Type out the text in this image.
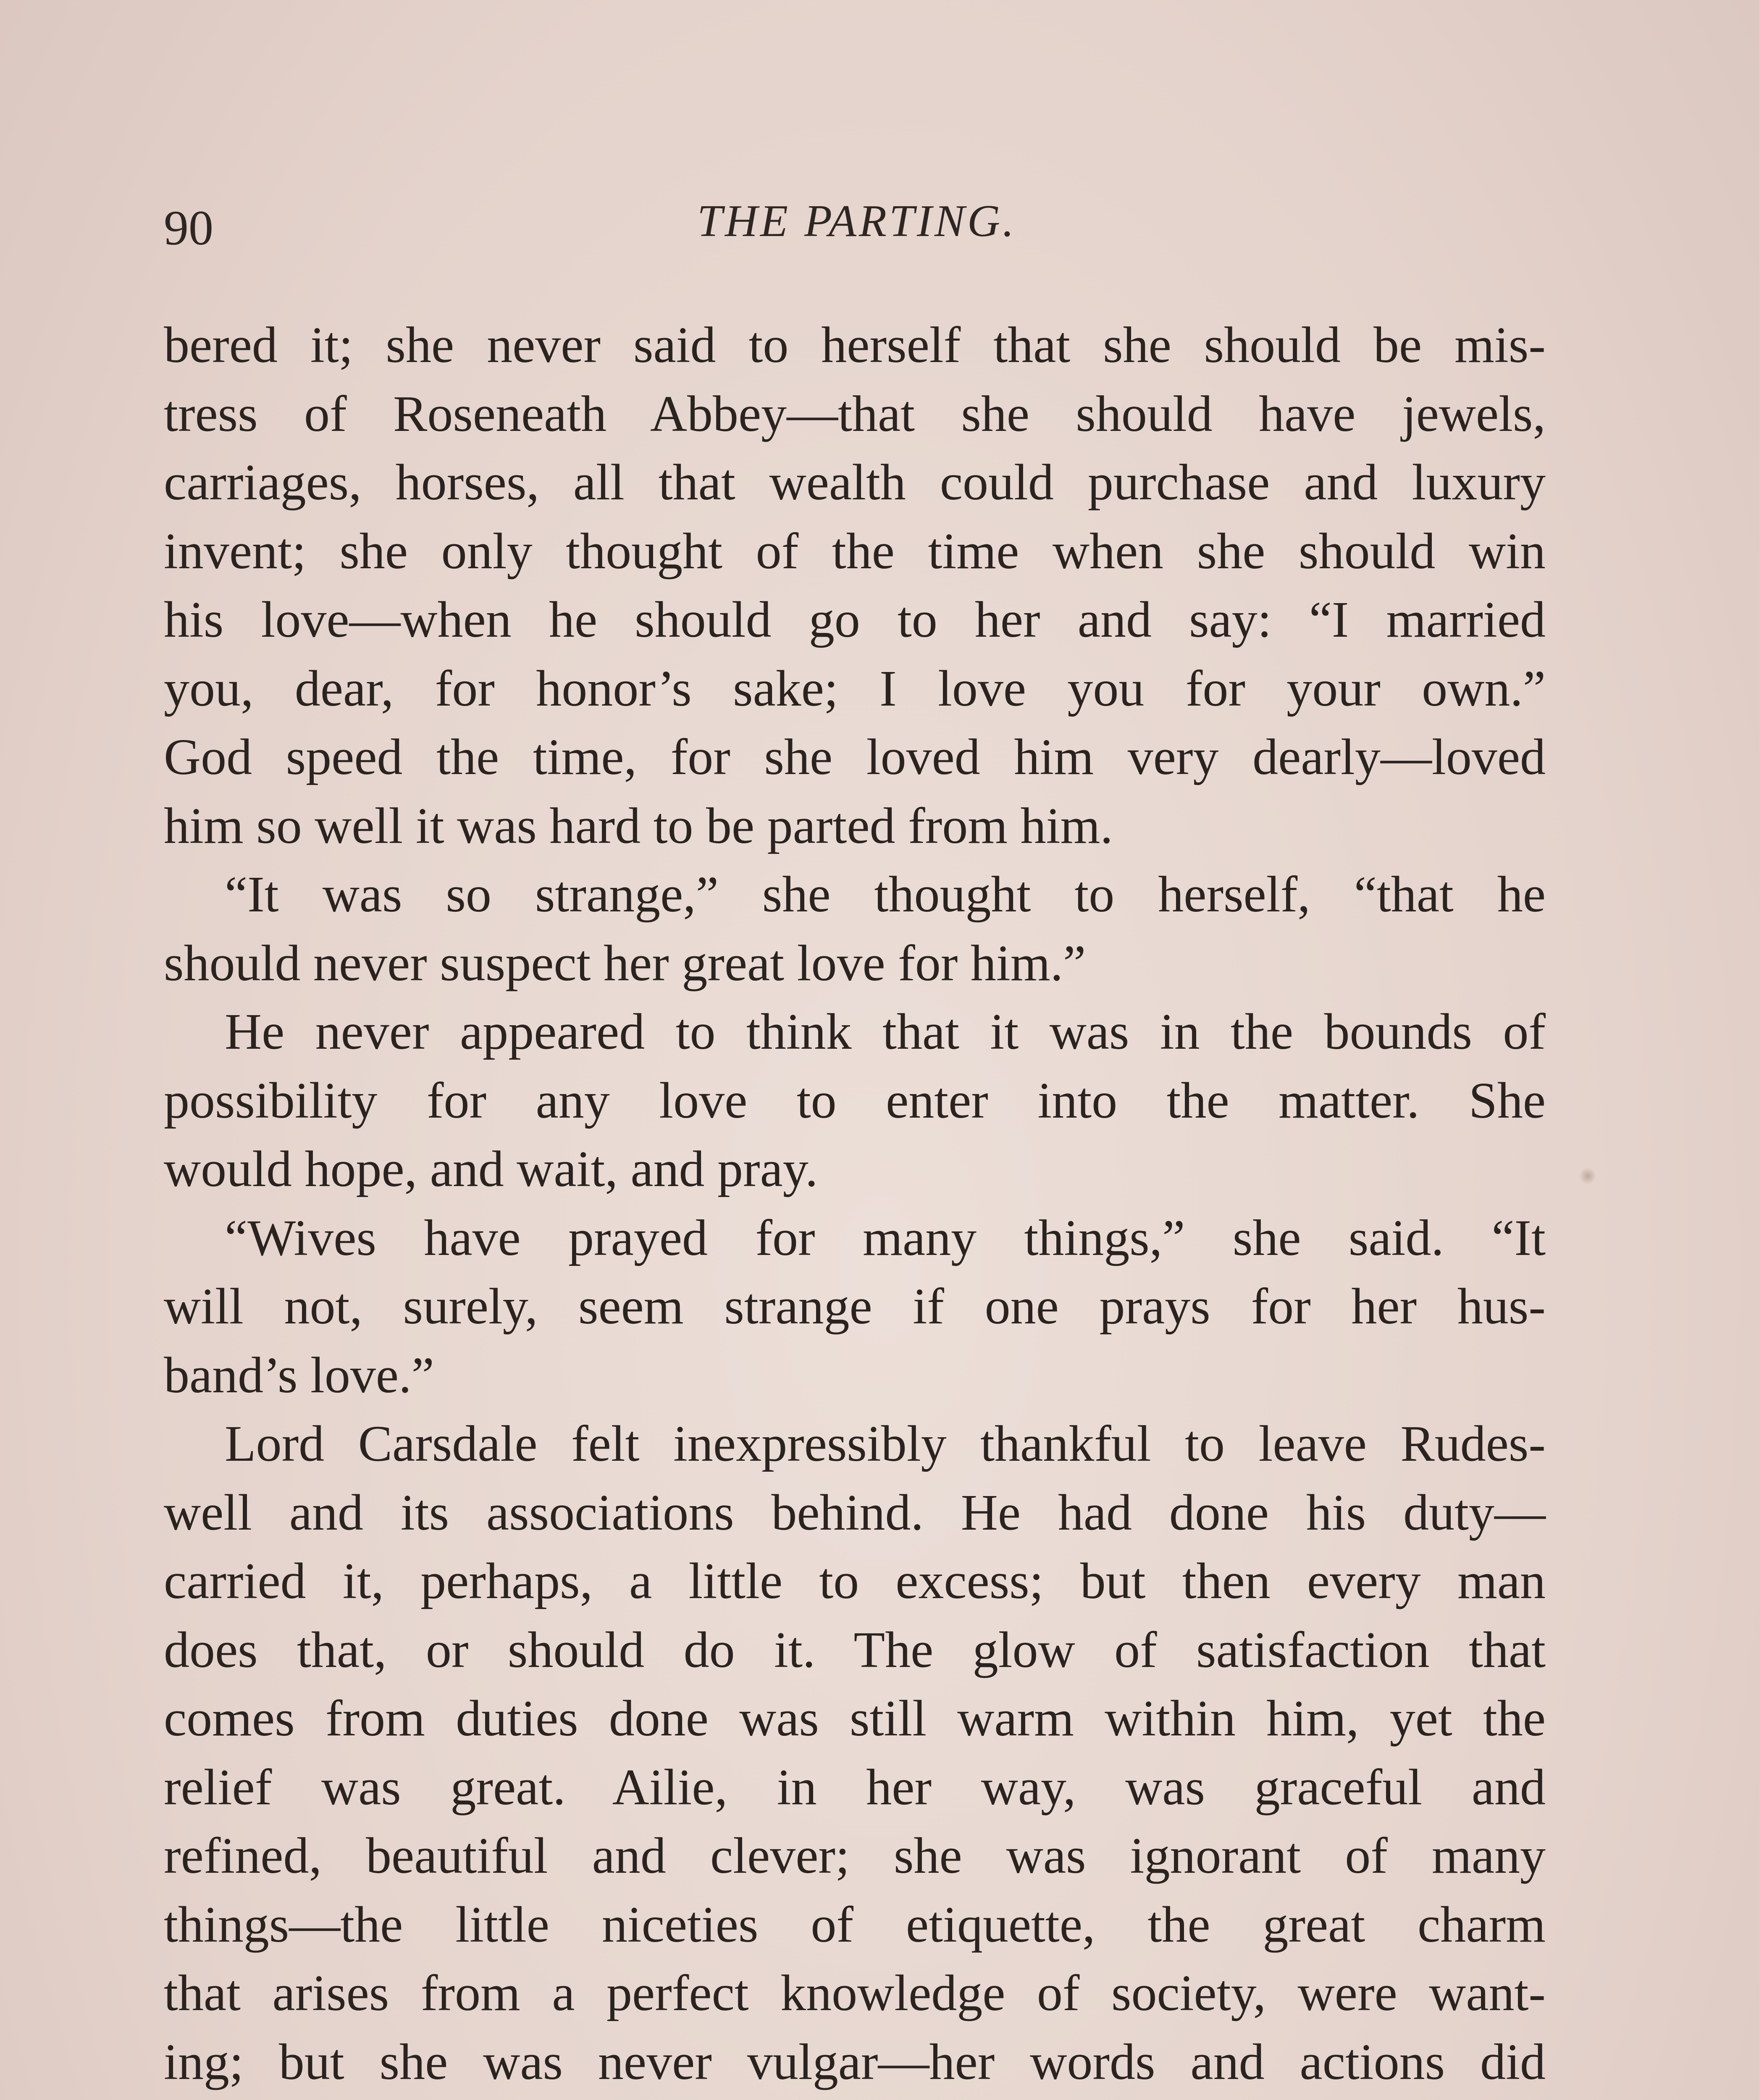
90	THE PARTING.
bered it; she never said to herself that she should be mis-
tress of Roseneath Abbey—that she should have jewels,
carriages, horses, all that wealth could purchase and luxury
invent; she only thought of the time when she should win
his love—when he should go to her and say: “I married
you, dear, for honor’s sake; I love you for your own.”
God speed the time, for she loved him very dearly—loved
him so well it was hard to be parted from him.
“It was so strange,” she thought to herself, “that he
should never suspect her great love for him.”
He never appeared to think that it was in the bounds of
possibility for any love to enter into the matter. She
would hope, and wait, and pray.
“Wives have prayed for many things,” she said. “It
will not, surely, seem strange if one prays for her hus-
band’s love.”
Lord Carsdale felt inexpressibly thankful to leave Rudes-
well and its associations behind. He had done his duty—
carried it, perhaps, a little to excess; but then every man
does that, or should do it. The glow of satisfaction that
comes from duties done was still warm within him, yet the
relief was great. Ailie, in her way, was graceful and
refined, beautiful and clever; she was ignorant of many
things—the little niceties of etiquette, the great charm
that arises from a perfect knowledge of society, were want-
ing; but she was never vulgar—her words and actions did
